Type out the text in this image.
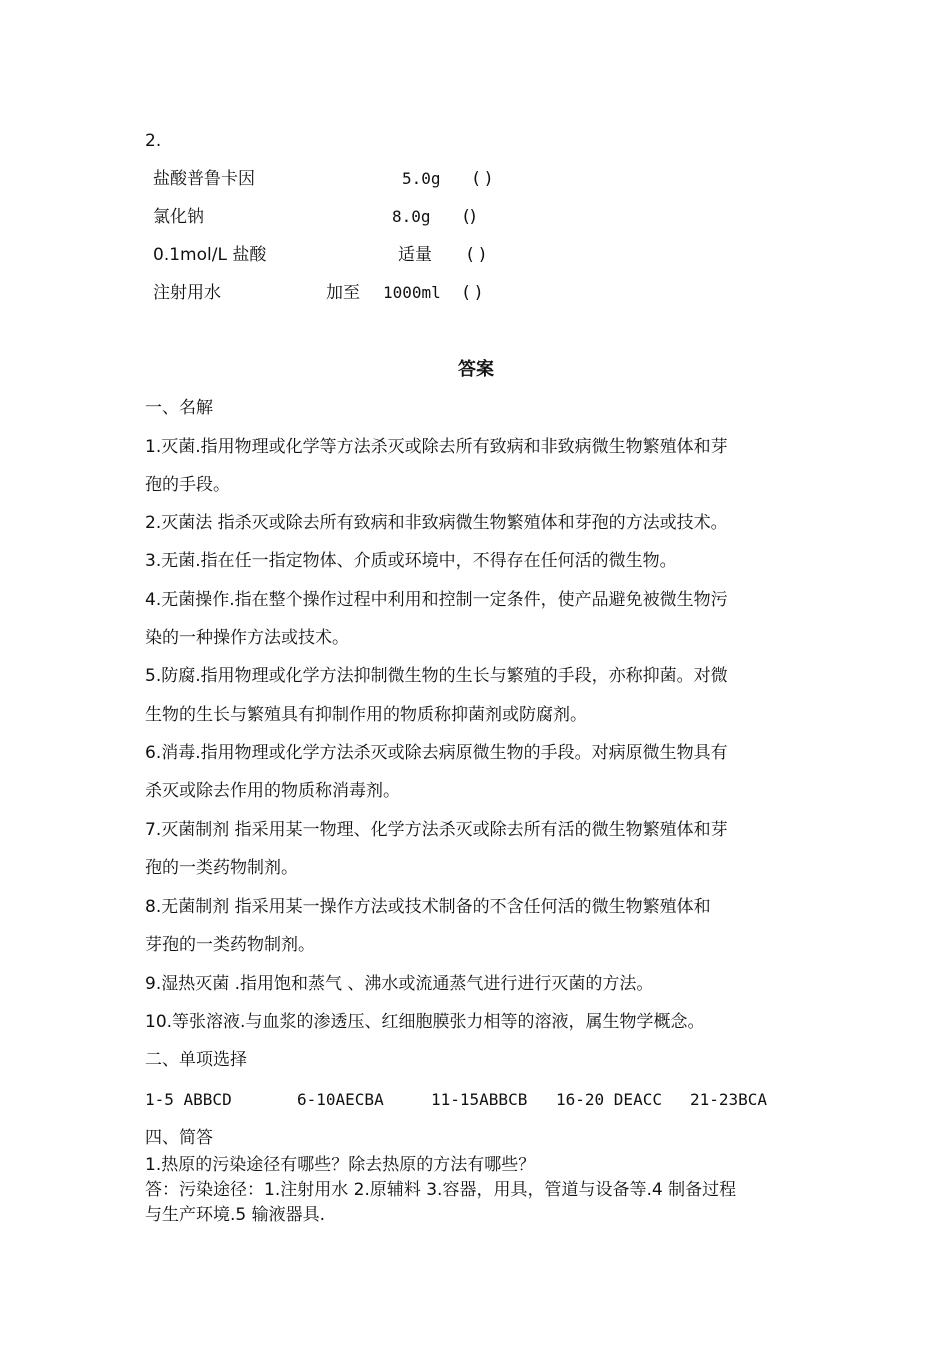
2.
盐酸普鲁卡因	5.0g ( )
氯化钠	8.0g ()
0.1mol/L 盐酸	适量 ( )
注射用水	加至 1000ml ( )
答案
一、名解
1.灭菌.指用物理或化学等方法杀灭或除去所有致病和非致病微生物繁殖体和芽
孢的手段。
2.灭菌法 指杀灭或除去所有致病和非致病微生物繁殖体和芽孢的方法或技术。
3.无菌.指在任一指定物体、介质或环境中，不得存在任何活的微生物。
4.无菌操作.指在整个操作过程中利用和控制一定条件，使产品避免被微生物污
染的一种操作方法或技术。
5.防腐.指用物理或化学方法抑制微生物的生长与繁殖的手段，亦称抑菌。对微
生物的生长与繁殖具有抑制作用的物质称抑菌剂或防腐剂。
6.消毒.指用物理或化学方法杀灭或除去病原微生物的手段。对病原微生物具有
杀灭或除去作用的物质称消毒剂。
7.灭菌制剂 指采用某一物理、化学方法杀灭或除去所有活的微生物繁殖体和芽
孢的一类药物制剂。
8.无菌制剂 指采用某一操作方法或技术制备的不含任何活的微生物繁殖体和
芽孢的一类药物制剂。
9.湿热灭菌 .指用饱和蒸气 、沸水或流通蒸气进行进行灭菌的方法。
10.等张溶液.与血浆的渗透压、红细胞膜张力相等的溶液，属生物学概念。
二、单项选择
1-5 ABBCD	6-10AECBA	11-15ABBCB 16-20 DEACC 21-23BCA
四、简答
1.热原的污染途径有哪些？除去热原的方法有哪些？
答：污染途径：1.注射用水 2.原辅料 3.容器，用具，管道与设备等.4 制备过程
与生产环境.5 输液器具.
